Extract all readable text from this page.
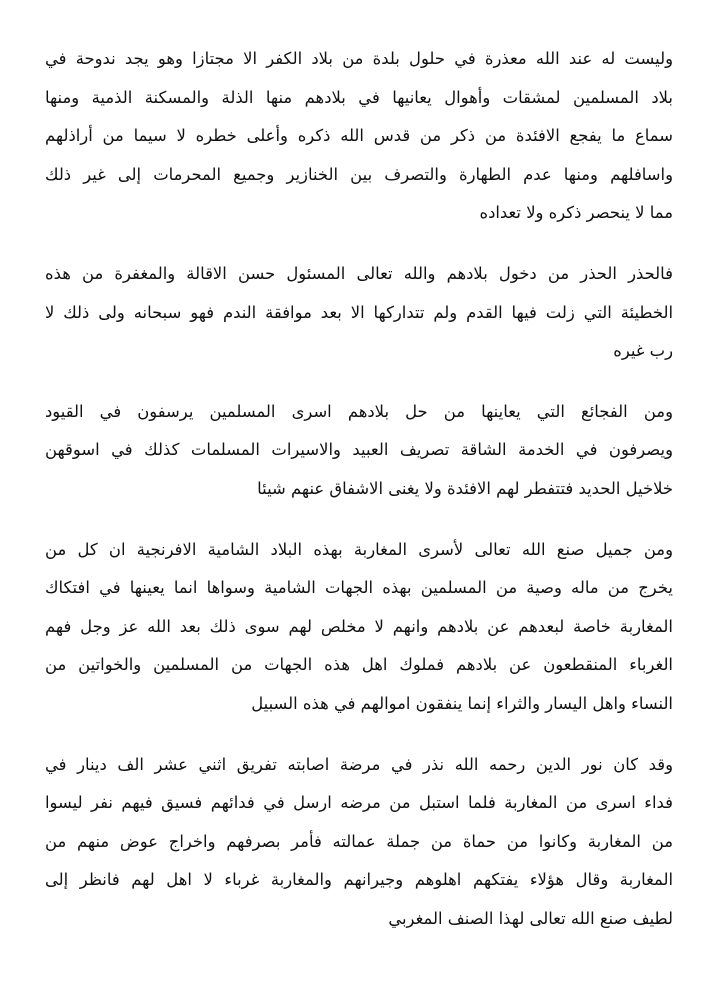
وليست له عند الله معذرة في حلول بلدة من بلاد الكفر الا مجتازا وهو يجد ندوحة في
بلاد المسلمين لمشقات وأهوال يعانيها في بلادهم منها الذلة والمسكنة الذمية ومنها
سماع ما يفجع الافئدة من ذكر من قدس الله ذكره وأعلى خطره لا سيما من أراذلهم
واسافلهم ومنها عدم الطهارة والتصرف بين الخنازير وجميع المحرمات إلى غير ذلك
مما لا ينحصر ذكره ولا تعداده
فالحذر الحذر من دخول بلادهم والله تعالى المسئول حسن الاقالة والمغفرة من هذه
الخطيئة التي زلت فيها القدم ولم تتداركها الا بعد موافقة الندم فهو سبحانه ولى ذلك لا
رب غيره
ومن الفجائع التي يعاينها من حل بلادهم اسرى المسلمين يرسفون في القيود
ويصرفون في الخدمة الشاقة تصريف العبيد والاسيرات المسلمات كذلك في اسوقهن
خلاخيل الحديد فتتفطر لهم الافئدة ولا يغنى الاشفاق عنهم شيئا
ومن جميل صنع الله تعالى لأسرى المغاربة بهذه البلاد الشامية الافرنجية ان كل من
يخرج من ماله وصية من المسلمين بهذه الجهات الشامية وسواها انما يعينها في افتكاك
المغاربة خاصة لبعدهم عن بلادهم وانهم لا مخلص لهم سوى ذلك بعد الله عز وجل فهم
الغرباء المنقطعون عن بلادهم فملوك اهل هذه الجهات من المسلمين والخواتين من
النساء واهل اليسار والثراء إنما ينفقون اموالهم في هذه السبيل
وقد كان نور الدين رحمه الله نذر في مرضة اصابته تفريق اثني عشر الف دينار في
فداء اسرى من المغاربة فلما استبل من مرضه ارسل في فدائهم فسيق فيهم نفر ليسوا
من المغاربة وكانوا من حماة من جملة عمالته فأمر بصرفهم واخراج عوض منهم من
المغاربة وقال هؤلاء يفتكهم اهلوهم وجيرانهم والمغاربة غرباء لا اهل لهم فانظر إلى
لطيف صنع الله تعالى لهذا الصنف المغربي
